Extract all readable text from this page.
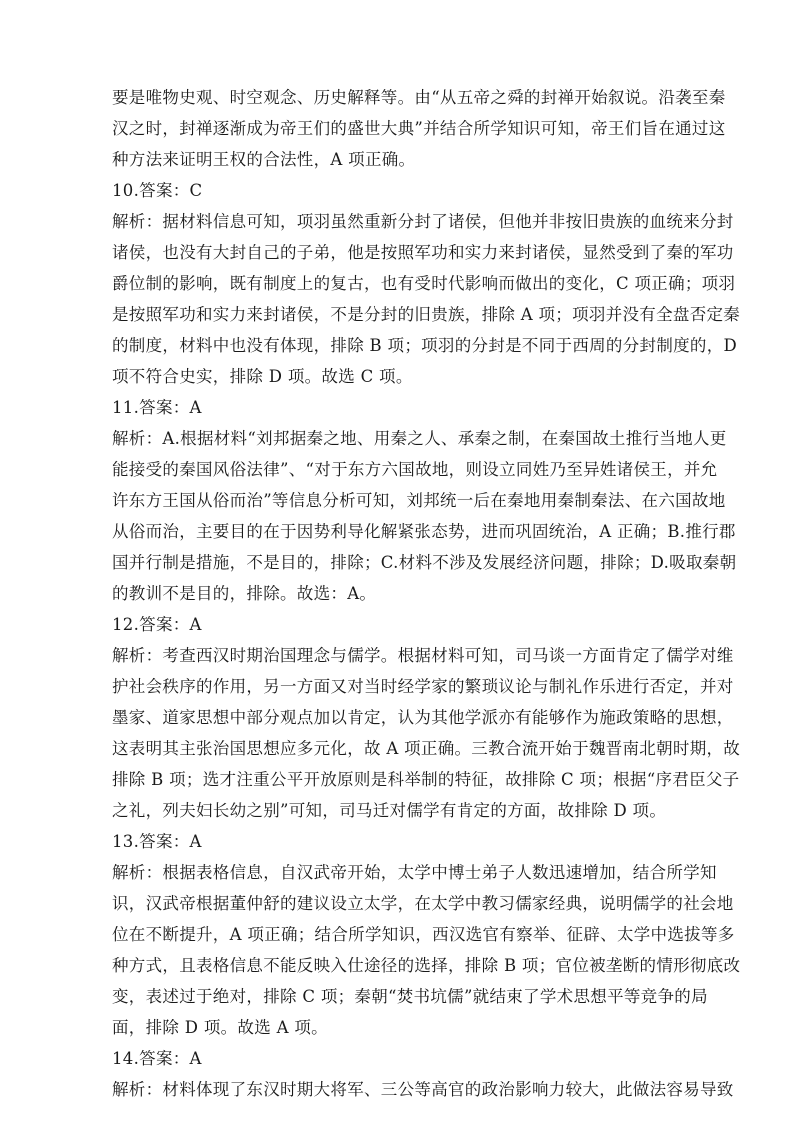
要是唯物史观、时空观念、历史解释等。由“从五帝之舜的封禅开始叙说。沿袭至秦
汉之时，封禅逐渐成为帝王们的盛世大典”并结合所学知识可知，帝王们旨在通过这
种方法来证明王权的合法性，A 项正确。
10.答案：C
解析：据材料信息可知，项羽虽然重新分封了诸侯，但他并非按旧贵族的血统来分封
诸侯，也没有大封自己的子弟，他是按照军功和实力来封诸侯，显然受到了秦的军功
爵位制的影响，既有制度上的复古，也有受时代影响而做出的变化，C 项正确；项羽
是按照军功和实力来封诸侯，不是分封的旧贵族，排除 A 项；项羽并没有全盘否定秦
的制度，材料中也没有体现，排除 B 项；项羽的分封是不同于西周的分封制度的，D
项不符合史实，排除 D 项。故选 C 项。
11.答案：A
解析：A.根据材料“刘邦据秦之地、用秦之人、承秦之制，在秦国故土推行当地人更
能接受的秦国风俗法律”、“对于东方六国故地，则设立同姓乃至异姓诸侯王，并允
许东方王国从俗而治”等信息分析可知，刘邦统一后在秦地用秦制秦法、在六国故地
从俗而治，主要目的在于因势利导化解紧张态势，进而巩固统治，A 正确；B.推行郡
国并行制是措施，不是目的，排除；C.材料不涉及发展经济问题，排除；D.吸取秦朝
的教训不是目的，排除。故选：A。
12.答案：A
解析：考查西汉时期治国理念与儒学。根据材料可知，司马谈一方面肯定了儒学对维
护社会秩序的作用，另一方面又对当时经学家的繁琐议论与制礼作乐进行否定，并对
墨家、道家思想中部分观点加以肯定，认为其他学派亦有能够作为施政策略的思想，
这表明其主张治国思想应多元化，故 A 项正确。三教合流开始于魏晋南北朝时期，故
排除 B 项；选才注重公平开放原则是科举制的特征，故排除 C 项；根据“序君臣父子
之礼，列夫妇长幼之别”可知，司马迁对儒学有肯定的方面，故排除 D 项。
13.答案：A
解析：根据表格信息，自汉武帝开始，太学中博士弟子人数迅速增加，结合所学知
识，汉武帝根据董仲舒的建议设立太学，在太学中教习儒家经典，说明儒学的社会地
位在不断提升，A 项正确；结合所学知识，西汉选官有察举、征辟、太学中选拔等多
种方式，且表格信息不能反映入仕途径的选择，排除 B 项；官位被垄断的情形彻底改
变，表述过于绝对，排除 C 项；秦朝“焚书坑儒”就结束了学术思想平等竞争的局
面，排除 D 项。故选 A 项。
14.答案：A
解析：材料体现了东汉时期大将军、三公等高官的政治影响力较大，此做法容易导致
